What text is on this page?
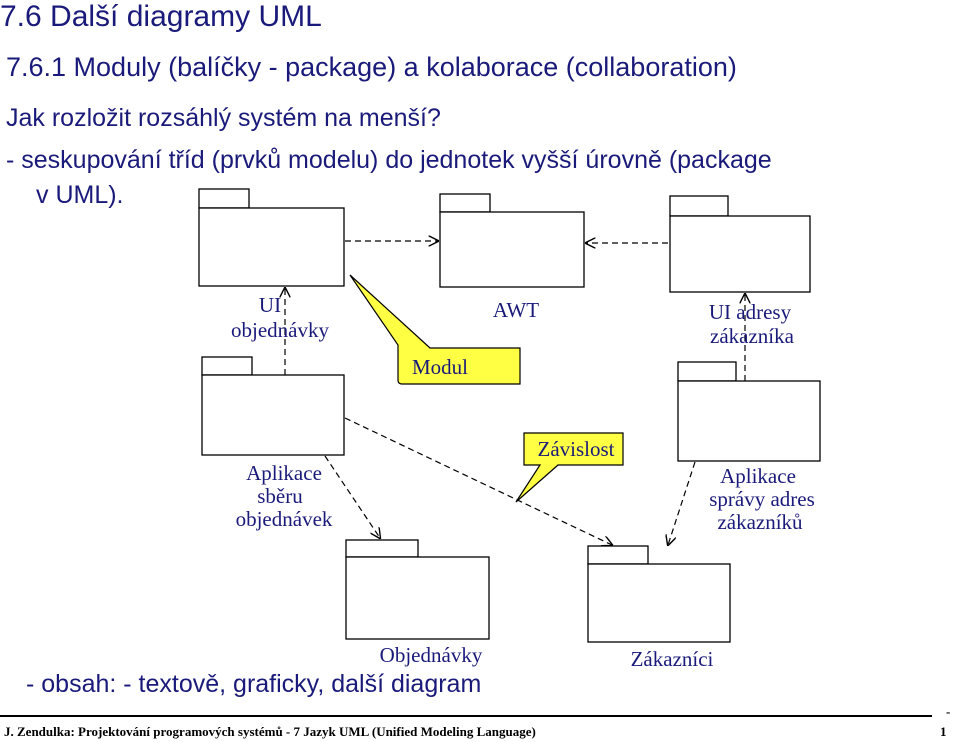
UI
objednávky
AWT	UI adresy
zákazníka
Aplikace
sběru
objednávek
Aplikace
správy adres
zákazníků
Objednávky	Zákazníci
Modul
Závislost
7.6 Další diagramy UML
7.6.1 Moduly (balíčky - package) a kolaborace (collaboration)
Jak rozložit rozsáhlý systém na menší?
- seskupování tříd (prvků modelu) do jednotek vyšší úrovně (package
v UML).
- obsah: - textově, graficky, další diagram
-
J. Zendulka: Projektování programových systémů - 7 Jazyk UML (Unified Modeling Language)	1
